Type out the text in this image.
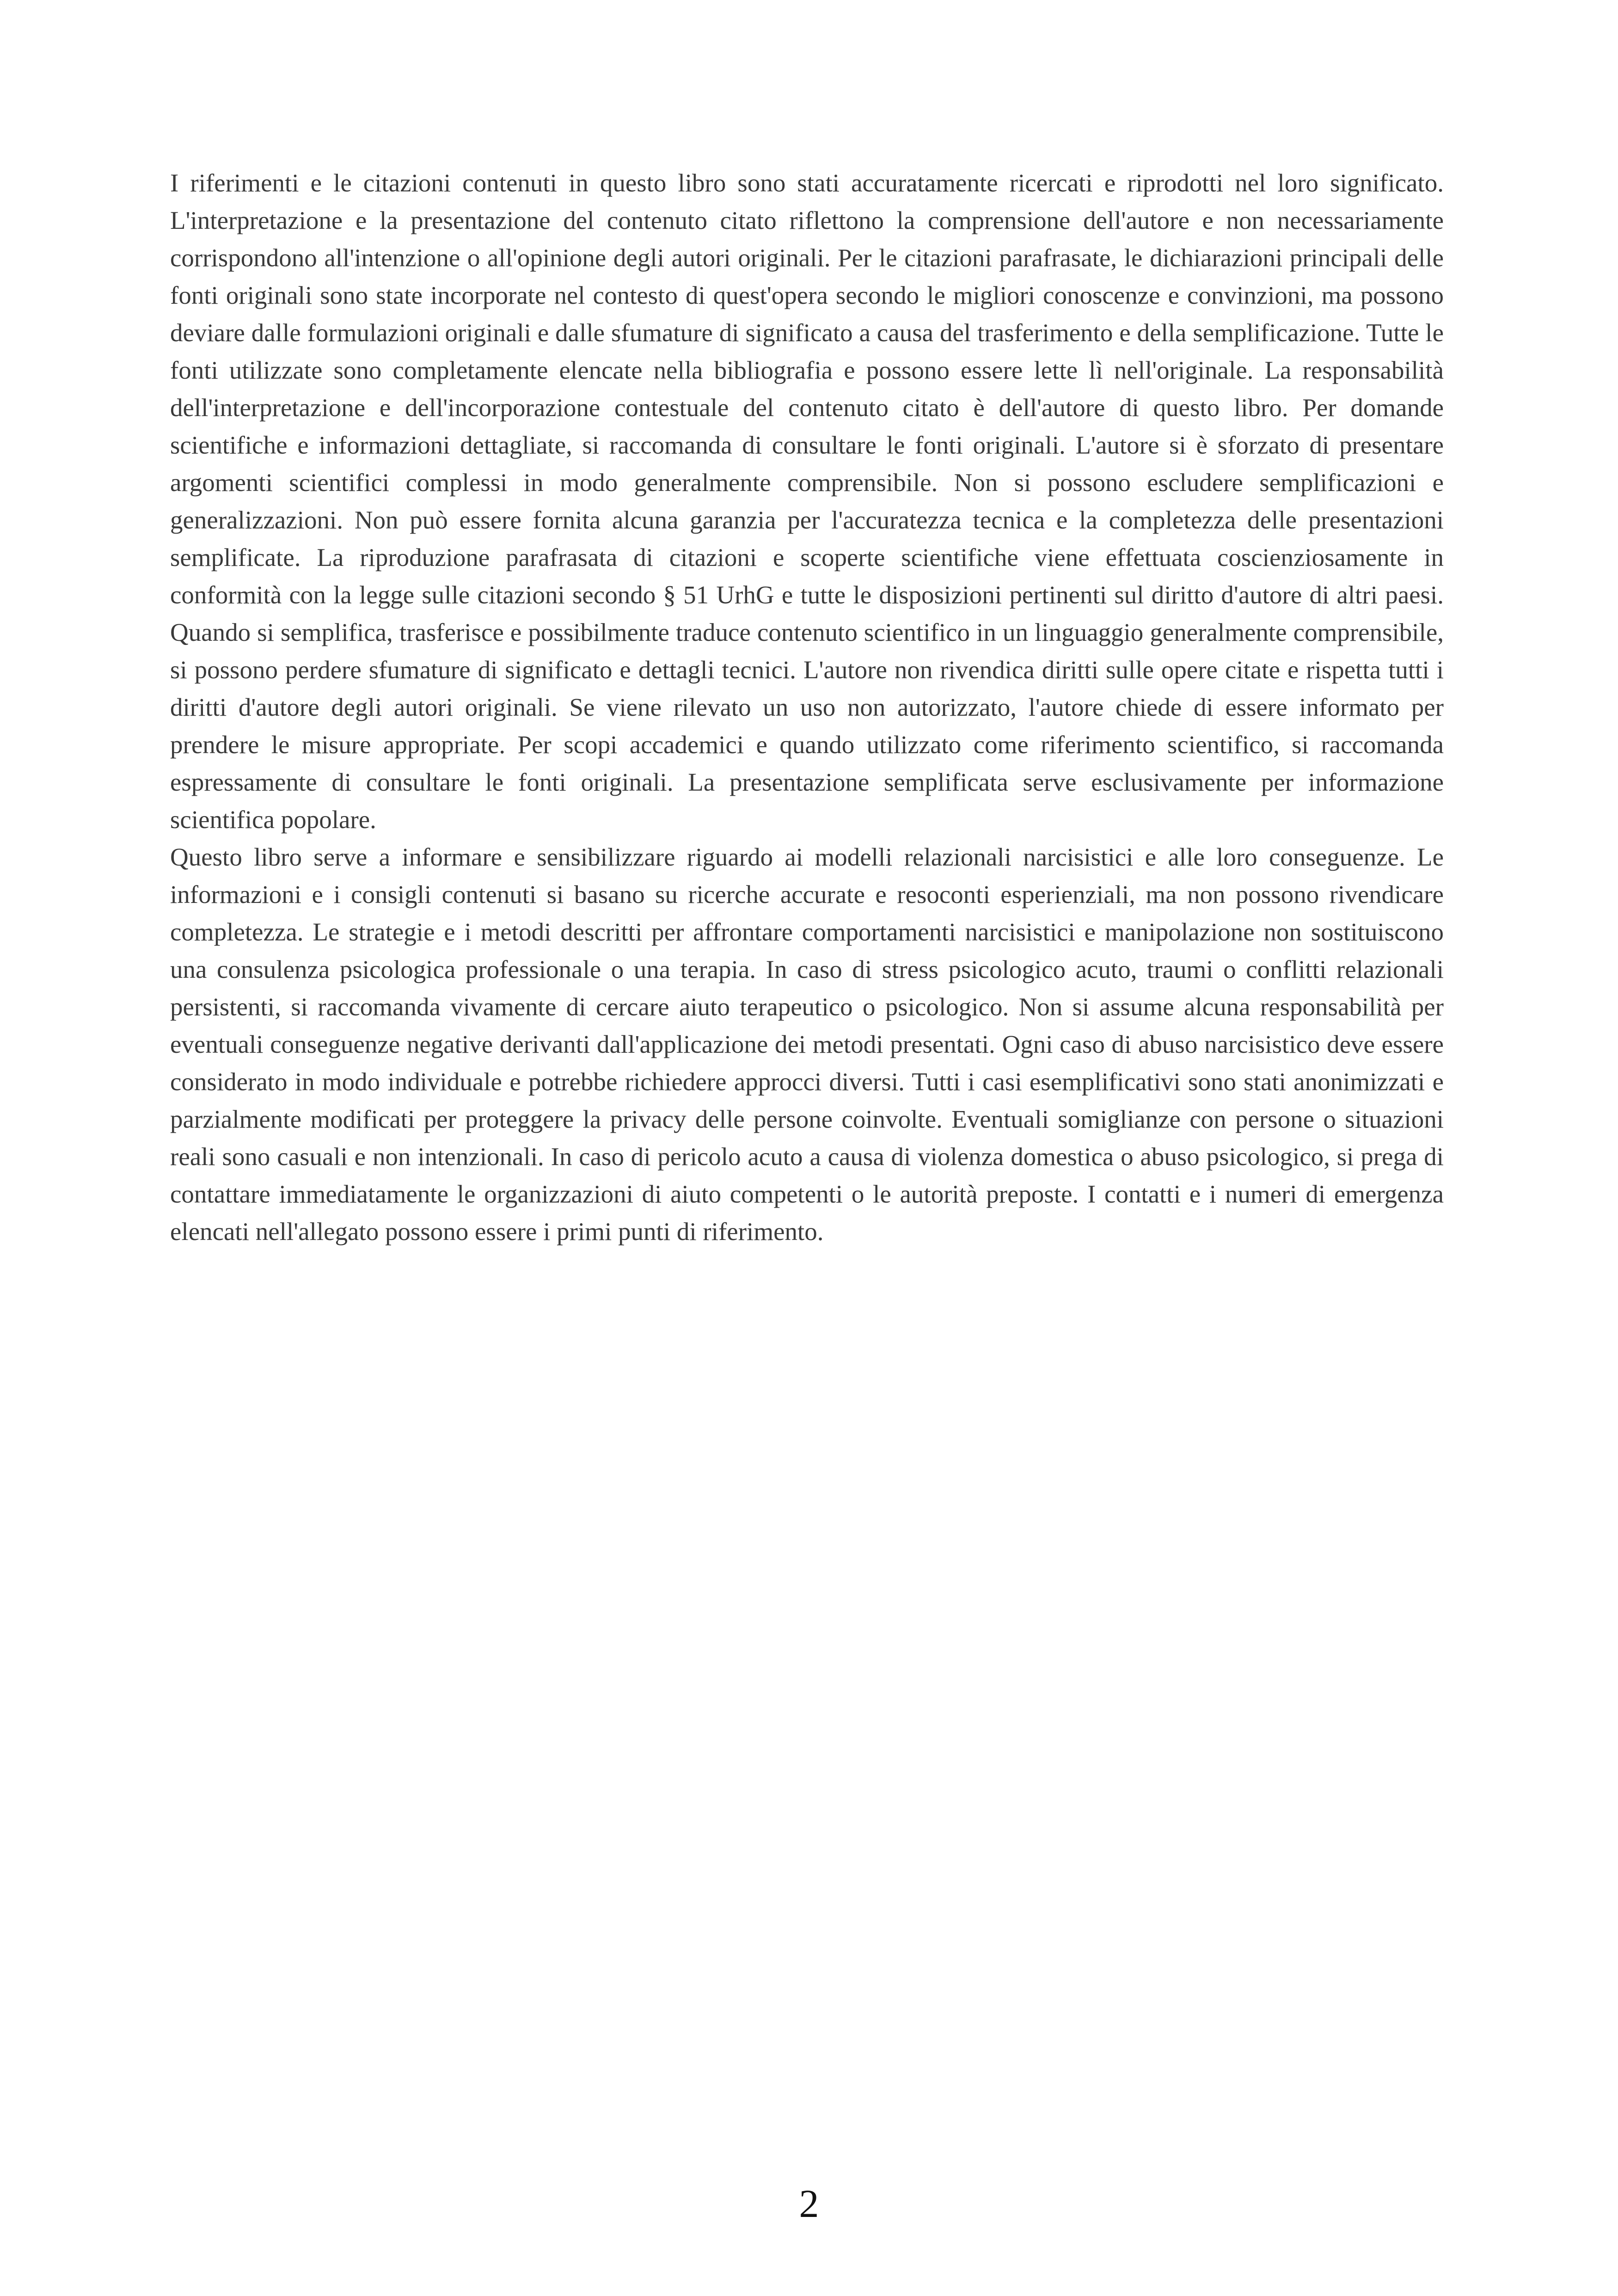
I riferimenti e le citazioni contenuti in questo libro sono stati accuratamente ricercati e riprodotti nel loro significato. L'interpretazione e la presentazione del contenuto citato riflettono la comprensione dell'autore e non necessariamente corrispondono all'intenzione o all'opinione degli autori originali. Per le citazioni parafrasate, le dichiarazioni principali delle fonti originali sono state incorporate nel contesto di quest'opera secondo le migliori conoscenze e convinzioni, ma possono deviare dalle formulazioni originali e dalle sfumature di significato a causa del trasferimento e della semplificazione. Tutte le fonti utilizzate sono completamente elencate nella bibliografia e possono essere lette lì nell'originale. La responsabilità dell'interpretazione e dell'incorporazione contestuale del contenuto citato è dell'autore di questo libro. Per domande scientifiche e informazioni dettagliate, si raccomanda di consultare le fonti originali. L'autore si è sforzato di presentare argomenti scientifici complessi in modo generalmente comprensibile. Non si possono escludere semplificazioni e generalizzazioni. Non può essere fornita alcuna garanzia per l'accuratezza tecnica e la completezza delle presentazioni semplificate. La riproduzione parafrasata di citazioni e scoperte scientifiche viene effettuata coscienziosamente in conformità con la legge sulle citazioni secondo § 51 UrhG e tutte le disposizioni pertinenti sul diritto d'autore di altri paesi. Quando si semplifica, trasferisce e possibilmente traduce contenuto scientifico in un linguaggio generalmente comprensibile, si possono perdere sfumature di significato e dettagli tecnici. L'autore non rivendica diritti sulle opere citate e rispetta tutti i diritti d'autore degli autori originali. Se viene rilevato un uso non autorizzato, l'autore chiede di essere informato per prendere le misure appropriate. Per scopi accademici e quando utilizzato come riferimento scientifico, si raccomanda espressamente di consultare le fonti originali. La presentazione semplificata serve esclusivamente per informazione scientifica popolare.

Questo libro serve a informare e sensibilizzare riguardo ai modelli relazionali narcisistici e alle loro conseguenze. Le informazioni e i consigli contenuti si basano su ricerche accurate e resoconti esperienziali, ma non possono rivendicare completezza. Le strategie e i metodi descritti per affrontare comportamenti narcisistici e manipolazione non sostituiscono una consulenza psicologica professionale o una terapia. In caso di stress psicologico acuto, traumi o conflitti relazionali persistenti, si raccomanda vivamente di cercare aiuto terapeutico o psicologico. Non si assume alcuna responsabilità per eventuali conseguenze negative derivanti dall'applicazione dei metodi presentati. Ogni caso di abuso narcisistico deve essere considerato in modo individuale e potrebbe richiedere approcci diversi. Tutti i casi esemplificativi sono stati anonimizzati e parzialmente modificati per proteggere la privacy delle persone coinvolte. Eventuali somiglianze con persone o situazioni reali sono casuali e non intenzionali. In caso di pericolo acuto a causa di violenza domestica o abuso psicologico, si prega di contattare immediatamente le organizzazioni di aiuto competenti o le autorità preposte. I contatti e i numeri di emergenza elencati nell'allegato possono essere i primi punti di riferimento.

2
